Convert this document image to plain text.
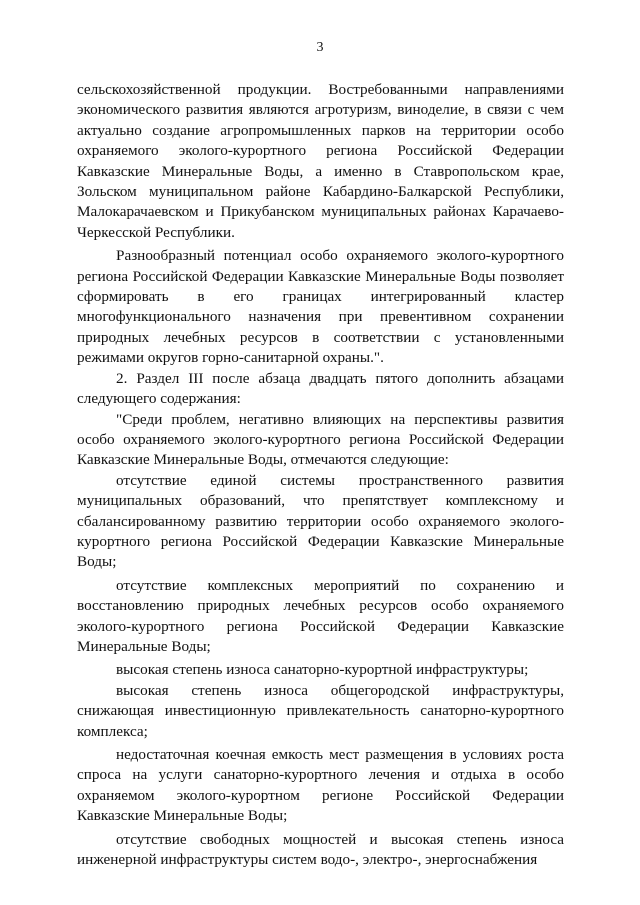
3

сельскохозяйственной продукции. Востребованными направлениями экономического развития являются агротуризм, виноделие, в связи с чем актуально создание агропромышленных парков на территории особо охраняемого эколого-курортного региона Российской Федерации Кавказские Минеральные Воды, а именно в Ставропольском крае, Зольском муниципальном районе Кабардино-Балкарской Республики, Малокарачаевском и Прикубанском муниципальных районах Карачаево-Черкесской Республики.

Разнообразный потенциал особо охраняемого эколого-курортного региона Российской Федерации Кавказские Минеральные Воды позволяет сформировать в его границах интегрированный кластер многофункционального назначения при превентивном сохранении природных лечебных ресурсов в соответствии с установленными режимами округов горно-санитарной охраны.".

2. Раздел III после абзаца двадцать пятого дополнить абзацами следующего содержания:

"Среди проблем, негативно влияющих на перспективы развития особо охраняемого эколого-курортного региона Российской Федерации Кавказские Минеральные Воды, отмечаются следующие:

отсутствие единой системы пространственного развития муниципальных образований, что препятствует комплексному и сбалансированному развитию территории особо охраняемого эколого-курортного региона Российской Федерации Кавказские Минеральные Воды;

отсутствие комплексных мероприятий по сохранению и восстановлению природных лечебных ресурсов особо охраняемого эколого-курортного региона Российской Федерации Кавказские Минеральные Воды;

высокая степень износа санаторно-курортной инфраструктуры;

высокая степень износа общегородской инфраструктуры, снижающая инвестиционную привлекательность санаторно-курортного комплекса;

недостаточная коечная емкость мест размещения в условиях роста спроса на услуги санаторно-курортного лечения и отдыха в особо охраняемом эколого-курортном регионе Российской Федерации Кавказские Минеральные Воды;

отсутствие свободных мощностей и высокая степень износа инженерной инфраструктуры систем водо-, электро-, энергоснабжения
